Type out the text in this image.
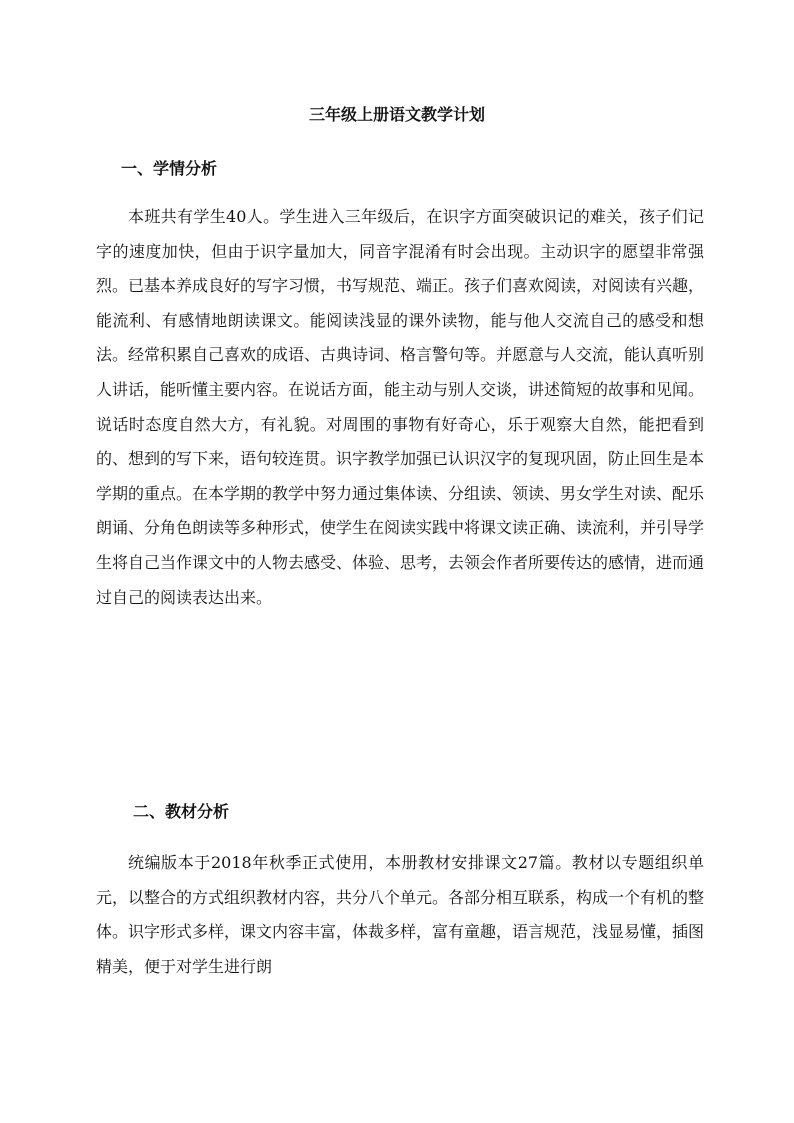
三年级上册语文教学计划
一、学情分析

本班共有学生40人。学生进入三年级后，在识字方面突破识记的难关，孩子们记字的速度加快，但由于识字量加大，同音字混淆有时会出现。主动识字的愿望非常强烈。已基本养成良好的写字习惯，书写规范、端正。孩子们喜欢阅读，对阅读有兴趣，能流利、有感情地朗读课文。能阅读浅显的课外读物，能与他人交流自己的感受和想法。经常积累自己喜欢的成语、古典诗词、格言警句等。并愿意与人交流，能认真听别人讲话，能听懂主要内容。在说话方面，能主动与别人交谈，讲述简短的故事和见闻。说话时态度自然大方，有礼貌。对周围的事物有好奇心，乐于观察大自然，能把看到的、想到的写下来，语句较连贯。识字教学加强已认识汉字的复现巩固，防止回生是本学期的重点。在本学期的教学中努力通过集体读、分组读、领读、男女学生对读、配乐朗诵、分角色朗读等多种形式，使学生在阅读实践中将课文读正确、读流利，并引导学生将自己当作课文中的人物去感受、体验、思考，去领会作者所要传达的感情，进而通过自己的阅读表达出来。

二、教材分析

统编版本于2018年秋季正式使用，本册教材安排课文27篇。教材以专题组织单元，以整合的方式组织教材内容，共分八个单元。各部分相互联系，构成一个有机的整体。识字形式多样，课文内容丰富，体裁多样，富有童趣，语言规范，浅显易懂，插图精美，便于对学生进行朗
